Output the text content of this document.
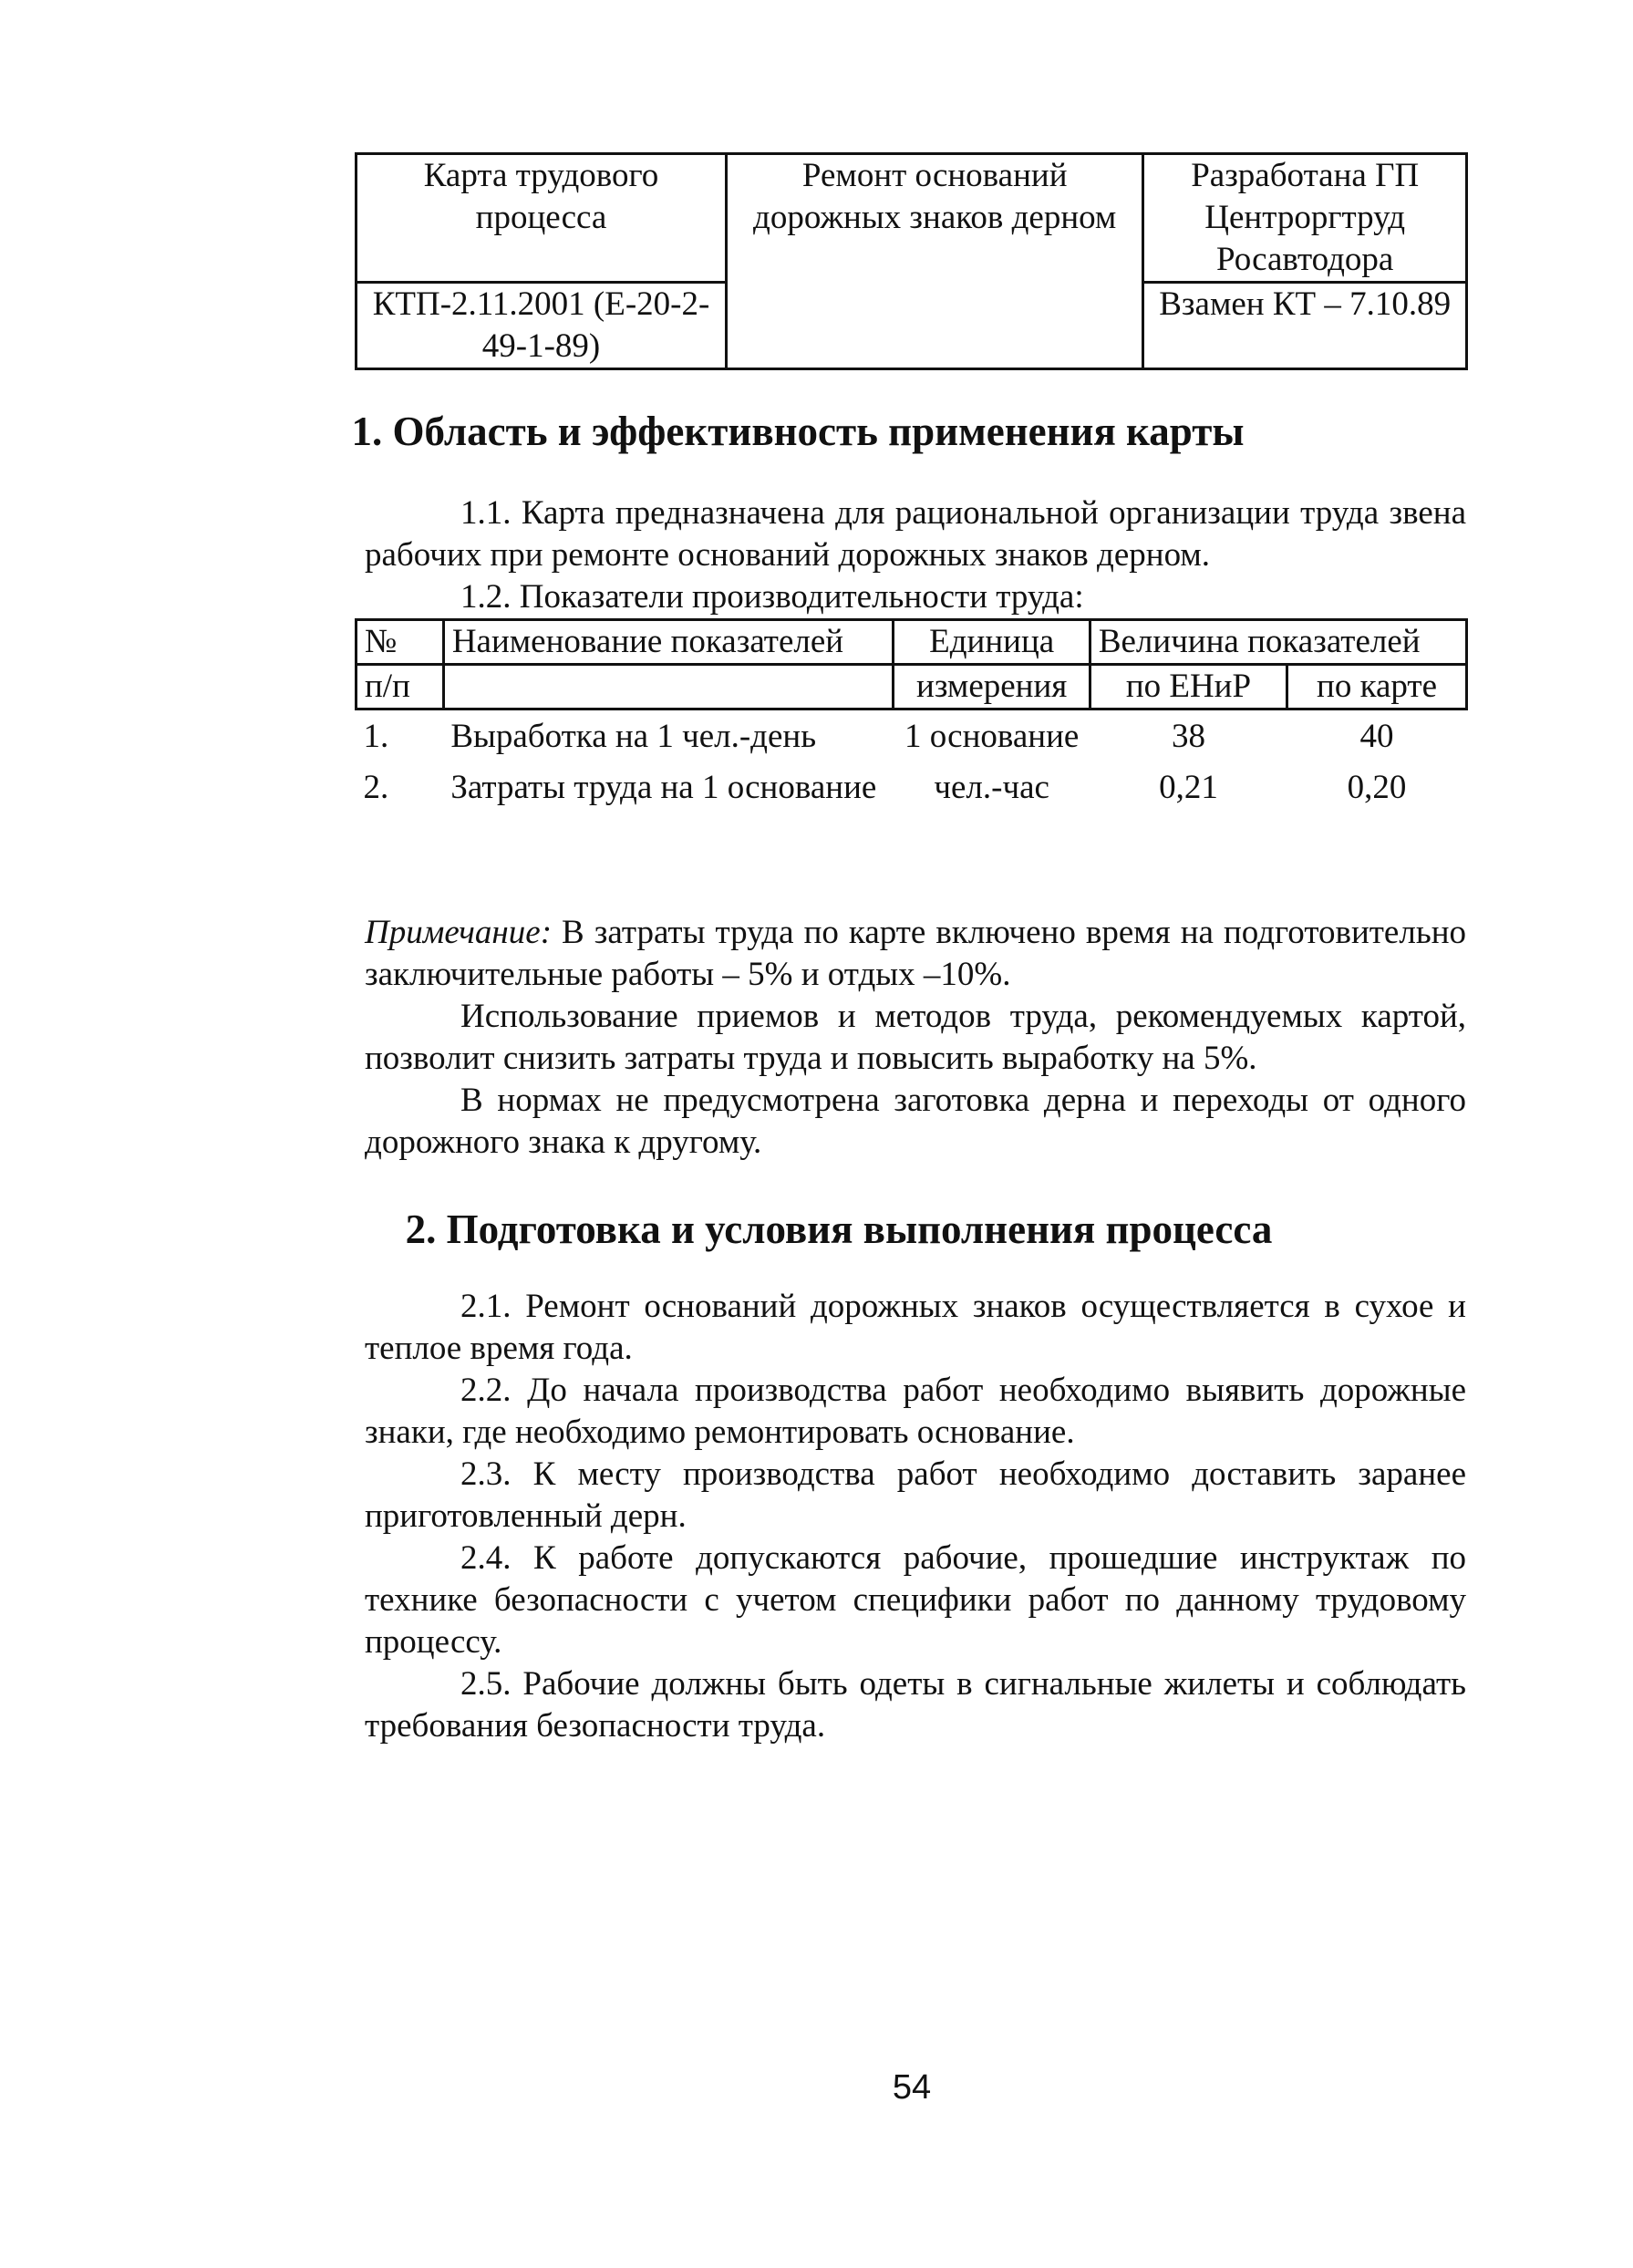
Карта трудового процесса	Ремонт оснований дорожных знаков дерном	Разработана ГП Центроргтруд Росавтодора
КТП-2.11.2001 (Е-20-2-49-1-89)		Взамен КТ – 7.10.89
1. Область и эффективность применения карты

1.1. Карта предназначена для рациональной организации труда звена рабочих при ремонте оснований дорожных знаков дерном.

1.2. Показатели производительности труда:

№	Наименование показателей	Единица	Величина показателей	
п/п		измерения	по ЕНиР	по карте
1.	Выработка на 1 чел.-день	1 основание	38	40
2.	Затраты труда на 1 основание	чел.-час	0,21	0,20

Примечание: В затраты труда по карте включено время на подготовительно заключительные работы – 5% и отдых –10%.

Использование приемов и методов труда, рекомендуемых картой, позволит снизить затраты труда и повысить выработку на 5%.

В нормах не предусмотрена заготовка дерна и переходы от одного дорожного знака к другому.

2. Подготовка и условия выполнения процесса

2.1. Ремонт оснований дорожных знаков осуществляется в сухое и теплое время года.

2.2. До начала производства работ необходимо выявить дорожные знаки, где необходимо ремонтировать основание.

2.3. К месту производства работ необходимо доставить заранее приготовленный дерн.

2.4. К работе допускаются рабочие, прошедшие инструктаж по технике безопасности с учетом специфики работ по данному трудовому процессу.

2.5. Рабочие должны быть одеты в сигнальные жилеты и соблюдать требования безопасности труда.

54
